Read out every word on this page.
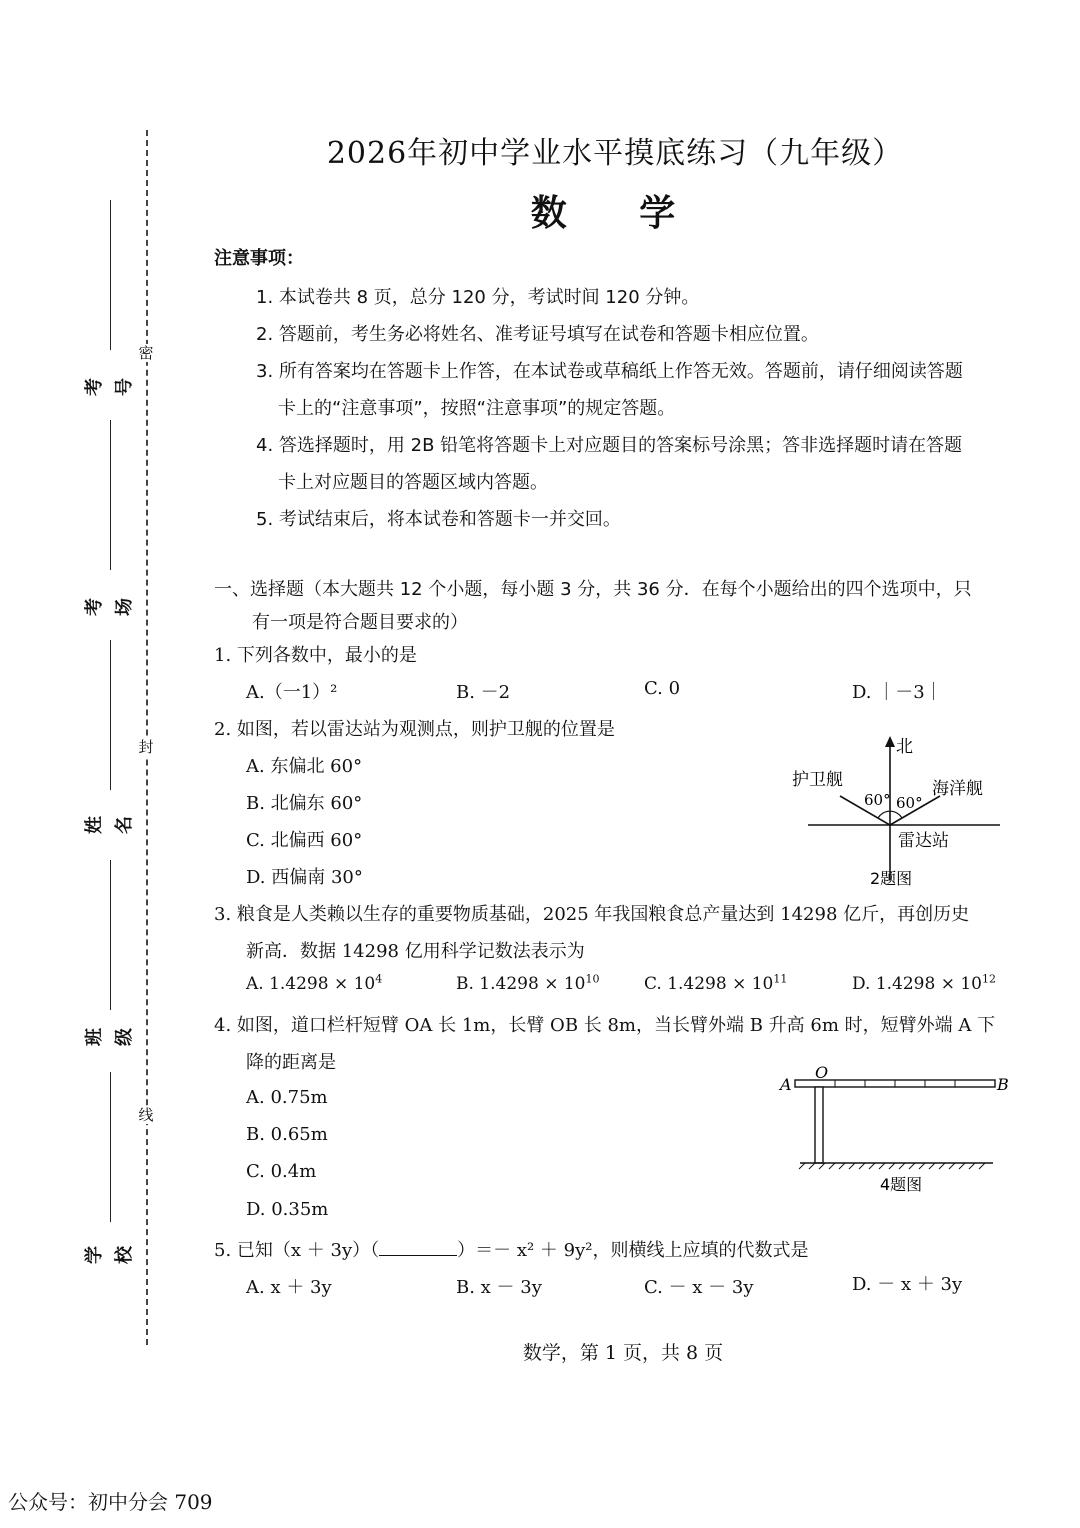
密
封
线
考号
考场
姓名
班级
学校
2026年初中学业水平摸底练习（九年级）
数 学
注意事项：
1. 本试卷共 8 页，总分 120 分，考试时间 120 分钟。
2. 答题前，考生务必将姓名、准考证号填写在试卷和答题卡相应位置。
3. 所有答案均在答题卡上作答，在本试卷或草稿纸上作答无效。答题前，请仔细阅读答题
卡上的“注意事项”，按照“注意事项”的规定答题。
4. 答选择题时，用 2B 铅笔将答题卡上对应题目的答案标号涂黑；答非选择题时请在答题
卡上对应题目的答题区域内答题。
5. 考试结束后，将本试卷和答题卡一并交回。
一、选择题（本大题共 12 个小题，每小题 3 分，共 36 分．在每个小题给出的四个选项中，只
有一项是符合题目要求的）
1. 下列各数中，最小的是
A.（一1）²	B. －2	C. 0	D. ｜－3｜
2. 如图，若以雷达站为观测点，则护卫舰的位置是
A. 东偏北 60°
B. 北偏东 60°
C. 北偏西 60°
D. 西偏南 30°
北
护卫舰	海洋舰
60° 60°
雷达站
2题图
3. 粮食是人类赖以生存的重要物质基础，2025 年我国粮食总产量达到 14298 亿斤，再创历史
新高．数据 14298 亿用科学记数法表示为
A. $1.4298 \times 10^4$	B. $1.4298 \times 10^{10}$	C. $1.4298 \times 10^{11}$	D. $1.4298 \times 10^{12}$
4. 如图，道口栏杆短臂 OA 长 1m，长臂 OB 长 8m，当长臂外端 B 升高 6m 时，短臂外端 A 下
降的距离是
A. 0.75m
B. 0.65m
C. 0.4m
D. 0.35m
A
O
B
4题图
5. 已知（x ＋ 3y）（	）＝－ x² ＋ 9y²，则横线上应填的代数式是
A. x ＋ 3y	B. x － 3y	C. － x － 3y	D. － x ＋ 3y
数学，第 1 页，共 8 页
公众号：初中分会 709
